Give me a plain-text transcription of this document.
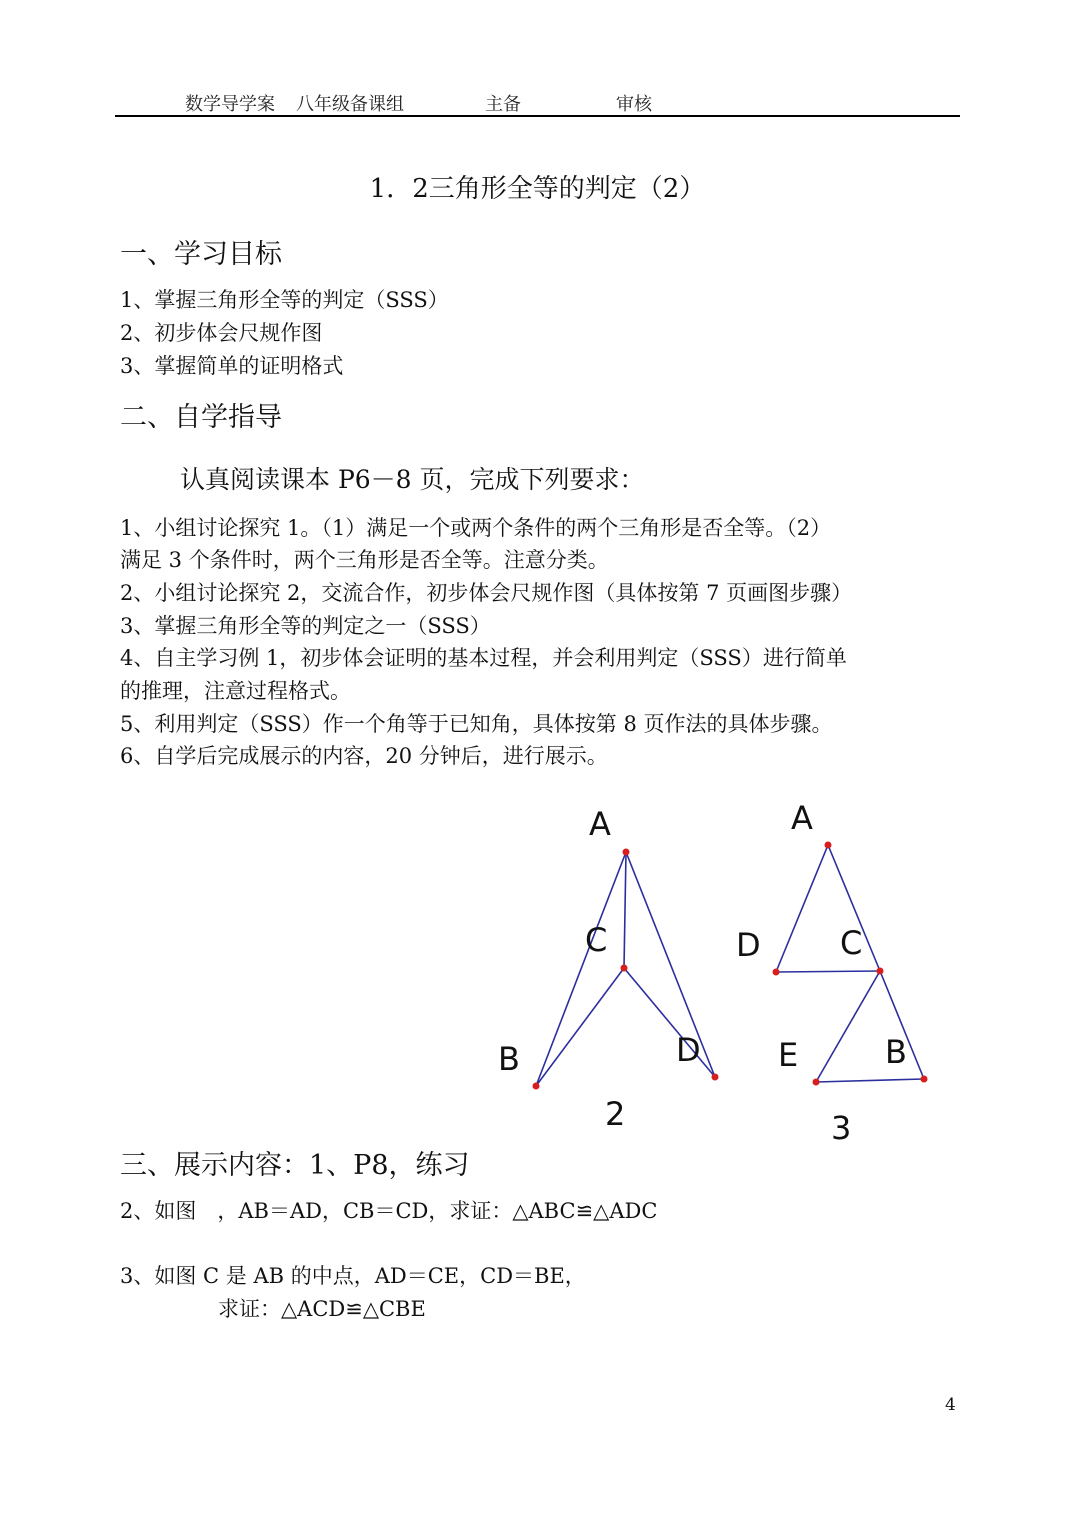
数学导学案 八年级备课组	主备	审核
1．2三角形全等的判定（2）
一、学习目标
1、掌握三角形全等的判定（SSS）
2、初步体会尺规作图
3、掌握简单的证明格式
二、自学指导
认真阅读课本 P6－8 页，完成下列要求：
1、小组讨论探究 1。（1）满足一个或两个条件的两个三角形是否全等。（2）
满足 3 个条件时，两个三角形是否全等。注意分类。
2、小组讨论探究 2，交流合作，初步体会尺规作图（具体按第 7 页画图步骤）
3、掌握三角形全等的判定之一（SSS）
4、自主学习例 1，初步体会证明的基本过程，并会利用判定（SSS）进行简单
的推理，注意过程格式。
5、利用判定（SSS）作一个角等于已知角，具体按第 8 页作法的具体步骤。
6、自学后完成展示的内容，20 分钟后，进行展示。
A
C
B	D
2
A
D C
E	B
3
三、展示内容：1、P8，练习
2、如图　，AB＝AD，CB＝CD，求证：△ABC≌△ADC
3、如图 C 是 AB 的中点，AD＝CE，CD＝BE，
求证：△ACD≌△CBE
4
